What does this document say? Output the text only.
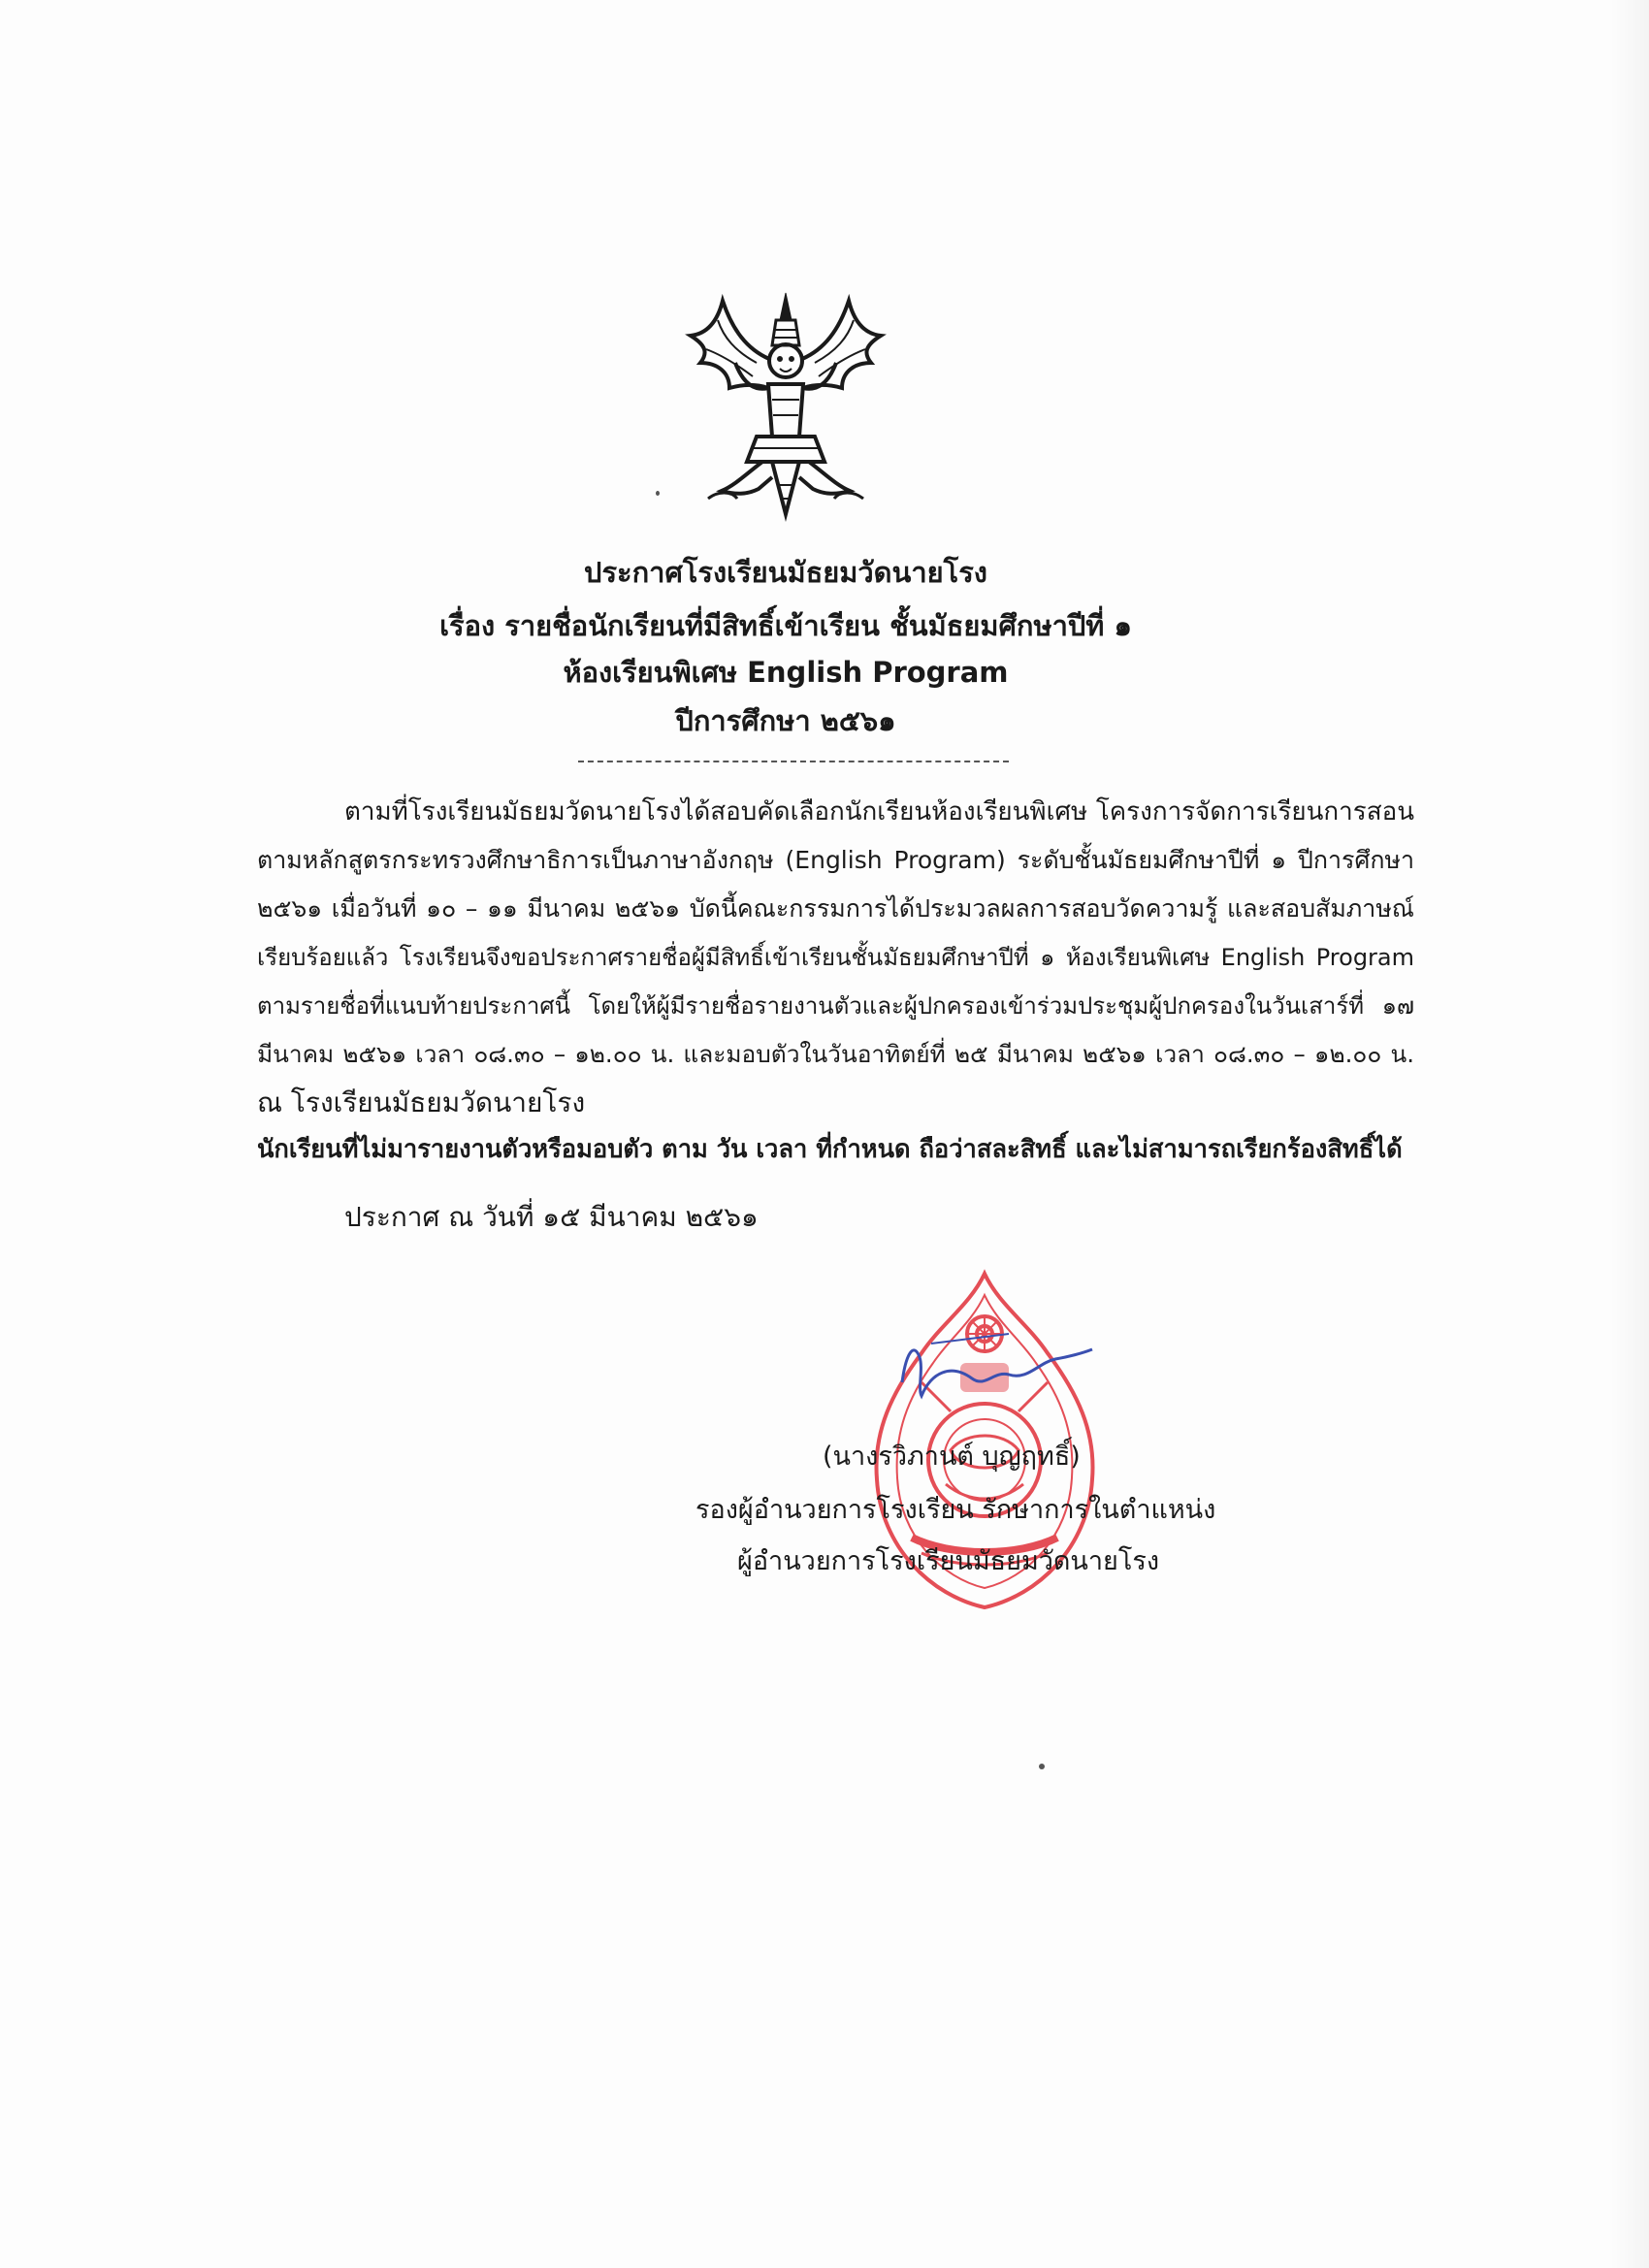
ประกาศโรงเรียนมัธยมวัดนายโรง
เรื่อง รายชื่อนักเรียนที่มีสิทธิ์เข้าเรียน ชั้นมัธยมศึกษาปีที่ ๑
ห้องเรียนพิเศษ English Program
ปีการศึกษา ๒๕๖๑
ตามที่โรงเรียนมัธยมวัดนายโรงได้สอบคัดเลือกนักเรียนห้องเรียนพิเศษ โครงการจัดการเรียนการสอน
ตามหลักสูตรกระทรวงศึกษาธิการเป็นภาษาอังกฤษ (English Program) ระดับชั้นมัธยมศึกษาปีที่ ๑ ปีการศึกษา
๒๕๖๑ เมื่อวันที่ ๑๐ – ๑๑ มีนาคม ๒๕๖๑ บัดนี้คณะกรรมการได้ประมวลผลการสอบวัดความรู้ และสอบสัมภาษณ์
เรียบร้อยแล้ว โรงเรียนจึงขอประกาศรายชื่อผู้มีสิทธิ์เข้าเรียนชั้นมัธยมศึกษาปีที่ ๑ ห้องเรียนพิเศษ English Program
ตามรายชื่อที่แนบท้ายประกาศนี้ โดยให้ผู้มีรายชื่อรายงานตัวและผู้ปกครองเข้าร่วมประชุมผู้ปกครองในวันเสาร์ที่ ๑๗
มีนาคม ๒๕๖๑ เวลา ๐๘.๓๐ – ๑๒.๐๐ น. และมอบตัวในวันอาทิตย์ที่ ๒๕ มีนาคม ๒๕๖๑ เวลา ๐๘.๓๐ – ๑๒.๐๐ น.
ณ โรงเรียนมัธยมวัดนายโรง
นักเรียนที่ไม่มารายงานตัวหรือมอบตัว ตาม วัน เวลา ที่กำหนด ถือว่าสละสิทธิ์ และไม่สามารถเรียกร้องสิทธิ์ได้
ประกาศ ณ วันที่ ๑๕ มีนาคม ๒๕๖๑
(นางรวิภานต์ บุญฤทธิ์)
รองผู้อำนวยการโรงเรียน รักษาการในตำแหน่ง
ผู้อำนวยการโรงเรียนมัธยมวัดนายโรง
